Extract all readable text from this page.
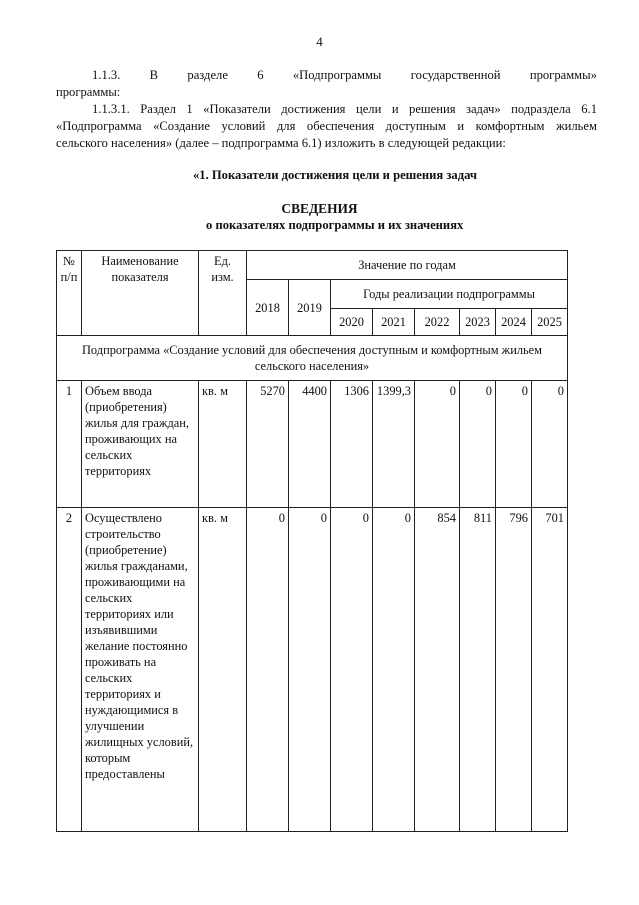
4
1.1.3. В разделе 6 «Подпрограммы государственной программы»
программы:
1.1.3.1. Раздел 1 «Показатели достижения цели и решения задач» подраздела 6.1
«Подпрограмма «Создание условий для обеспечения доступным и комфортным жильем
сельского населения» (далее – подпрограмма 6.1) изложить в следующей редакции:
«1. Показатели достижения цели и решения задач
СВЕДЕНИЯ
о показателях подпрограммы и их значениях
№ п/п	Наименование показателя	Ед. изм.	Значение по годам							
			2018	2019	Годы реализации подпрограммы					
					2020	2021	2022	2023	2024	2025
Подпрограмма «Создание условий для обеспечения доступным и комфортным жильем сельского населения»										
1	Объем ввода (приобретения) жилья для граждан, проживающих на сельских территориях	кв. м	5270	4400	1306	1399,3	0	0	0	0
2	Осуществлено строительство (приобретение) жилья гражданами, проживающими на сельских территориях или изъявившими желание постоянно проживать на сельских территориях и нуждающимися в улучшении жилищных условий, которым предоставлены	кв. м	0	0	0	0	854	811	796	701
